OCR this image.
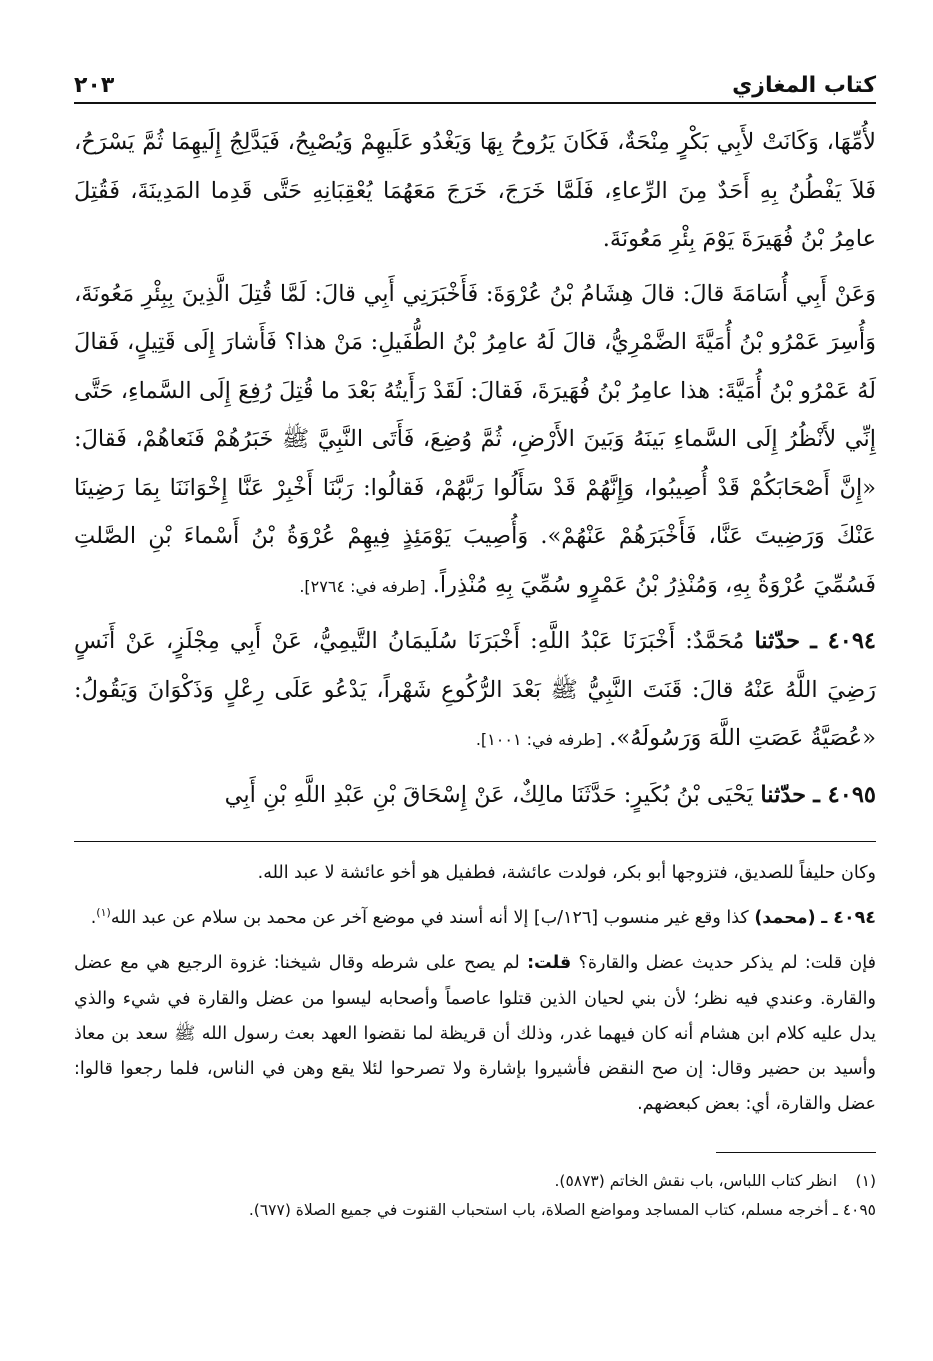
كتاب المغازي
٢٠٣

لأُمِّهَا، وَكَانَتْ لأَبِي بَكْرٍ مِنْحَةٌ، فَكَانَ يَرُوحُ بِهَا وَيَغْدُو عَلَيهِمْ وَيُصْبِحُ، فَيَدَّلِجُ إِلَيهِمَا ثُمَّ يَسْرَحُ، فَلاَ يَفْطُنُ بِهِ أَحَدٌ مِنَ الرِّعاءِ، فَلَمَّا خَرَجَ، خَرَجَ مَعَهُمَا يُعْقِبَانِهِ حَتَّى قَدِما المَدِينَةَ، فَقُتِلَ عامِرُ بْنُ فُهَيرَةَ يَوْمَ بِئْرِ مَعُونَةَ.

وَعَنْ أَبِي أُسَامَةَ قالَ: قالَ هِشَامُ بْنُ عُرْوَةَ: فَأَخْبَرَنِي أَبِي قالَ: لَمَّا قُتِلَ الَّذِينَ بِبِئْرِ مَعُونَةَ، وَأُسِرَ عَمْرُو بْنُ أُمَيَّةَ الضَّمْرِيُّ، قالَ لَهُ عامِرُ بْنُ الطُّفَيلِ: مَنْ هذا؟ فَأَشارَ إِلَى قَتِيلٍ، فَقالَ لَهُ عَمْرُو بْنُ أُمَيَّةَ: هذا عامِرُ بْنُ فُهَيرَةَ، فَقالَ: لَقَدْ رَأَيتُهُ بَعْدَ ما قُتِلَ رُفِعَ إِلَى السَّماءِ، حَتَّى إِنِّي لأَنْظُرُ إِلَى السَّماءِ بَينَهُ وَبَينَ الأَرْضِ، ثُمَّ وُضِعَ، فَأَتَى النَّبِيَّ ﷺ خَبَرُهُمْ فَنَعاهُمْ، فَقالَ: «إِنَّ أَصْحَابَكُمْ قَدْ أُصِيبُوا، وَإِنَّهُمْ قَدْ سَأَلُوا رَبَّهُمْ، فَقالُوا: رَبَّنَا أَخْبِرْ عَنَّا إِخْوَانَنَا بِمَا رَضِينَا عَنْكَ وَرَضِيتَ عَنَّا، فَأَخْبَرَهُمْ عَنْهُمْ». وَأُصِيبَ يَوْمَئِذٍ فِيهِمْ عُرْوَةُ بْنُ أَسْماءَ بْنِ الصَّلتِ فَسُمِّيَ عُرْوَةُ بِهِ، وَمُنْذِرُ بْنُ عَمْرٍو سُمِّيَ بِهِ مُنْذِراً. [طرفه في: ٢٧٦٤].

٤٠٩٤ ـ حدّثنا مُحَمَّدٌ: أَخْبَرَنَا عَبْدُ اللَّهِ: أَخْبَرَنَا سُلَيمَانُ التَّيمِيُّ، عَنْ أَبِي مِجْلَزٍ، عَنْ أَنَسٍ رَضِيَ اللَّهُ عَنْهُ قالَ: قَنَتَ النَّبِيُّ ﷺ بَعْدَ الرُّكُوعِ شَهْراً، يَدْعُو عَلَى رِعْلٍ وَذَكْوَانَ وَيَقُولُ: «عُصَيَّةُ عَصَتِ اللَّهَ وَرَسُولَهُ». [طرفه في: ١٠٠١].

٤٠٩٥ ـ حدّثنا يَحْيَى بْنُ بُكَيرٍ: حَدَّثَنَا مالِكٌ، عَنْ إِسْحَاقَ بْنِ عَبْدِ اللَّهِ بْنِ أَبِي

وكان حليفاً للصديق، فتزوجها أبو بكر، فولدت عائشة، فطفيل هو أخو عائشة لا عبد الله.

٤٠٩٤ ـ (محمد) كذا وقع غير منسوب [١٢٦/ب] إلا أنه أسند في موضع آخر عن محمد بن سلام عن عبد الله$^{(١)}$.

فإن قلت: لم يذكر حديث عضل والقارة؟ قلت: لم يصح على شرطه وقال شيخنا: غزوة الرجيع هي مع عضل والقارة. وعندي فيه نظر؛ لأن بني لحيان الذين قتلوا عاصماً وأصحابه ليسوا من عضل والقارة في شيء والذي يدل عليه كلام ابن هشام أنه كان فيهما غدر، وذلك أن قريظة لما نقضوا العهد بعث رسول الله ﷺ سعد بن معاذ وأسيد بن حضير وقال: إن صح النقض فأشيروا بإشارة ولا تصرحوا لئلا يقع وهن في الناس، فلما رجعوا قالوا: عضل والقارة، أي: بعض كبعضهم.

(١) انظر كتاب اللباس، باب نقش الخاتم (٥٨٧٣).

٤٠٩٥ ـ أخرجه مسلم، كتاب المساجد ومواضع الصلاة، باب استحباب القنوت في جميع الصلاة (٦٧٧).
